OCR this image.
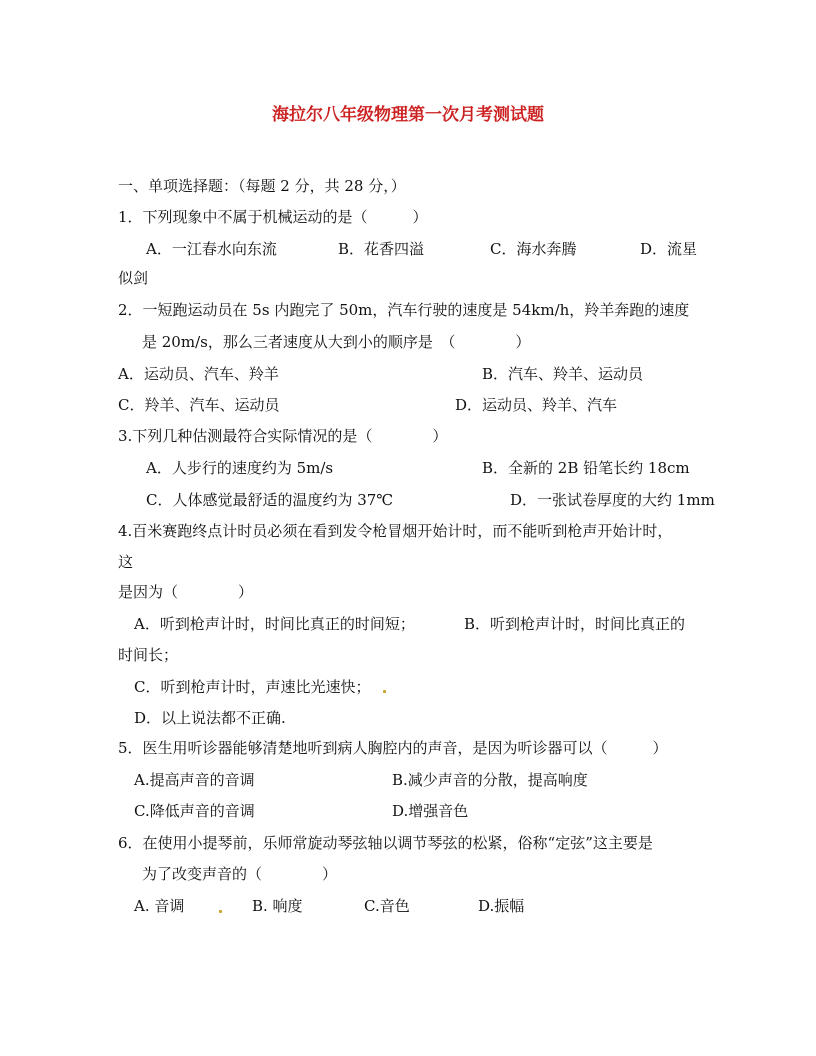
海拉尔八年级物理第一次月考测试题
一、单项选择题：（每题 2 分，共 28 分，）
1．下列现象中不属于机械运动的是（　　　）
A．一江春水向东流	B．花香四溢	C．海水奔腾	D．流星
似剑
2．一短跑运动员在 5s 内跑完了 50m，汽车行驶的速度是 54km/h，羚羊奔跑的速度
是 20m/s，那么三者速度从大到小的顺序是　（　　　　）
A．运动员、汽车、羚羊	B．汽车、羚羊、运动员
C．羚羊、汽车、运动员	D．运动员、羚羊、汽车
3.下列几种估测最符合实际情况的是（　　　　）
A．人步行的速度约为 5m/s	B．全新的 2B 铅笔长约 18cm
C．人体感觉最舒适的温度约为 37℃	D．一张试卷厚度的大约 1mm
4.百米赛跑终点计时员必须在看到发令枪冒烟开始计时，而不能听到枪声开始计时，
这
是因为（　　　　）
A．听到枪声计时，时间比真正的时间短；	B．听到枪声计时，时间比真正的
时间长；
C．听到枪声计时，声速比光速快；
D．以上说法都不正确.
5．医生用听诊器能够清楚地听到病人胸腔内的声音，是因为听诊器可以（　　　）
A.提高声音的音调	B.减少声音的分散，提高响度
C.降低声音的音调	D.增强音色
6．在使用小提琴前，乐师常旋动琴弦轴以调节琴弦的松紧，俗称“定弦”这主要是
为了改变声音的（　　　　）
A. 音调	B. 响度	C.音色	D.振幅
